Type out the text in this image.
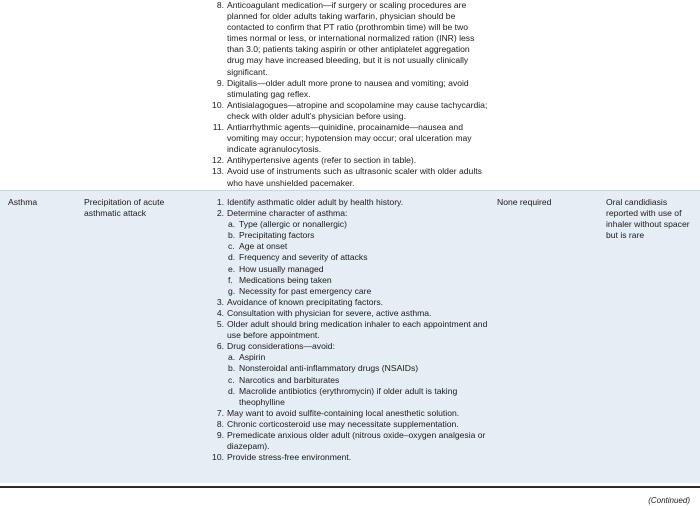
8. Anticoagulant medication—if surgery or scaling procedures are planned for older adults taking warfarin, physician should be contacted to confirm that PT ratio (prothrombin time) will be two times normal or less, or international normalized ration (INR) less than 3.0; patients taking aspirin or other antiplatelet aggregation drug may have increased bleeding, but it is not usually clinically significant.
9. Digitalis—older adult more prone to nausea and vomiting; avoid stimulating gag reflex.
10. Antisialagogues—atropine and scopolamine may cause tachycardia; check with older adult’s physician before using.
11. Antiarrhythmic agents—quinidine, procainamide—nausea and vomiting may occur; hypotension may occur; oral ulceration may indicate agranulocytosis.
12. Antihypertensive agents (refer to section in table).
13. Avoid use of instruments such as ultrasonic scaler with older adults who have unshielded pacemaker.
Asthma	Precipitation of acute asthmatic attack
1. Identify asthmatic older adult by health history.
2. Determine character of asthma:
a. Type (allergic or nonallergic)
b. Precipitating factors
c. Age at onset
d. Frequency and severity of attacks
e. How usually managed
f. Medications being taken
g. Necessity for past emergency care
3. Avoidance of known precipitating factors.
4. Consultation with physician for severe, active asthma.
5. Older adult should bring medication inhaler to each appointment and use before appointment.
6. Drug considerations—avoid:
a. Aspirin
b. Nonsteroidal anti-inflammatory drugs (NSAIDs)
c. Narcotics and barbiturates
d. Macrolide antibiotics (erythromycin) if older adult is taking theophylline
7. May want to avoid sulfite-containing local anesthetic solution.
8. Chronic corticosteroid use may necessitate supplementation.
9. Premedicate anxious older adult (nitrous oxide–oxygen analgesia or diazepam).
10. Provide stress-free environment.
None required	Oral candidiasis reported with use of inhaler without spacer but is rare
(Continued)
